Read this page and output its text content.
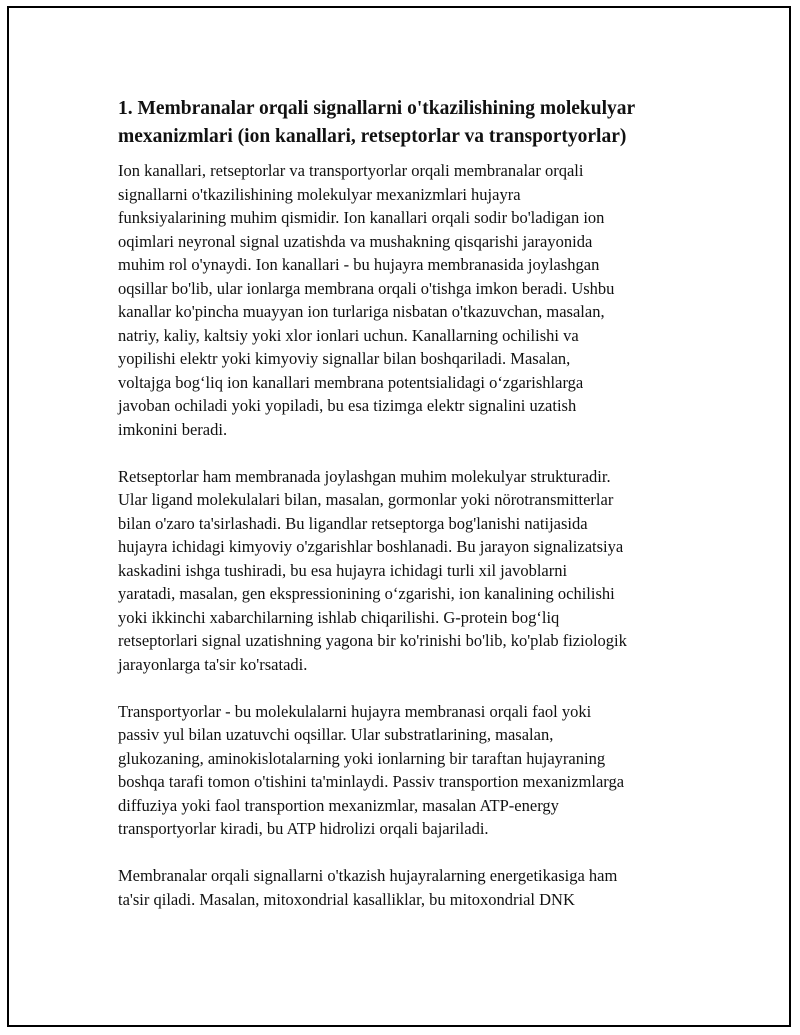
1. Membranalar orqali signallarni o'tkazilishining molekulyar
mexanizmlari (ion kanallari, retseptorlar va transportyorlar)

Ion kanallari, retseptorlar va transportyorlar orqali membranalar orqali
signallarni o'tkazilishining molekulyar mexanizmlari hujayra
funksiyalarining muhim qismidir. Ion kanallari orqali sodir bo'ladigan ion
oqimlari neyronal signal uzatishda va mushakning qisqarishi jarayonida
muhim rol o'ynaydi. Ion kanallari - bu hujayra membranasida joylashgan
oqsillar bo'lib, ular ionlarga membrana orqali o'tishga imkon beradi. Ushbu
kanallar ko'pincha muayyan ion turlariga nisbatan o'tkazuvchan, masalan,
natriy, kaliy, kaltsiy yoki xlor ionlari uchun. Kanallarning ochilishi va
yopilishi elektr yoki kimyoviy signallar bilan boshqariladi. Masalan,
voltajga bog‘liq ion kanallari membrana potentsialidagi o‘zgarishlarga
javoban ochiladi yoki yopiladi, bu esa tizimga elektr signalini uzatish
imkonini beradi.

Retseptorlar ham membranada joylashgan muhim molekulyar strukturadir.
Ular ligand molekulalari bilan, masalan, gormonlar yoki nörotransmitterlar
bilan o'zaro ta'sirlashadi. Bu ligandlar retseptorga bog'lanishi natijasida
hujayra ichidagi kimyoviy o'zgarishlar boshlanadi. Bu jarayon signalizatsiya
kaskadini ishga tushiradi, bu esa hujayra ichidagi turli xil javoblarni
yaratadi, masalan, gen ekspressionining o‘zgarishi, ion kanalining ochilishi
yoki ikkinchi xabarchilarning ishlab chiqarilishi. G-protein bog‘liq
retseptorlari signal uzatishning yagona bir ko'rinishi bo'lib, ko'plab fiziologik
jarayonlarga ta'sir ko'rsatadi.

Transportyorlar - bu molekulalarni hujayra membranasi orqali faol yoki
passiv yul bilan uzatuvchi oqsillar. Ular substratlarining, masalan,
glukozaning, aminokislotalarning yoki ionlarning bir taraftan hujayraning
boshqa tarafi tomon o'tishini ta'minlaydi. Passiv transportion mexanizmlarga
diffuziya yoki faol transportion mexanizmlar, masalan ATP-energy
transportyorlar kiradi, bu ATP hidrolizi orqali bajariladi.

Membranalar orqali signallarni o'tkazish hujayralarning energetikasiga ham
ta'sir qiladi. Masalan, mitoxondrial kasalliklar, bu mitoxondrial DNK
